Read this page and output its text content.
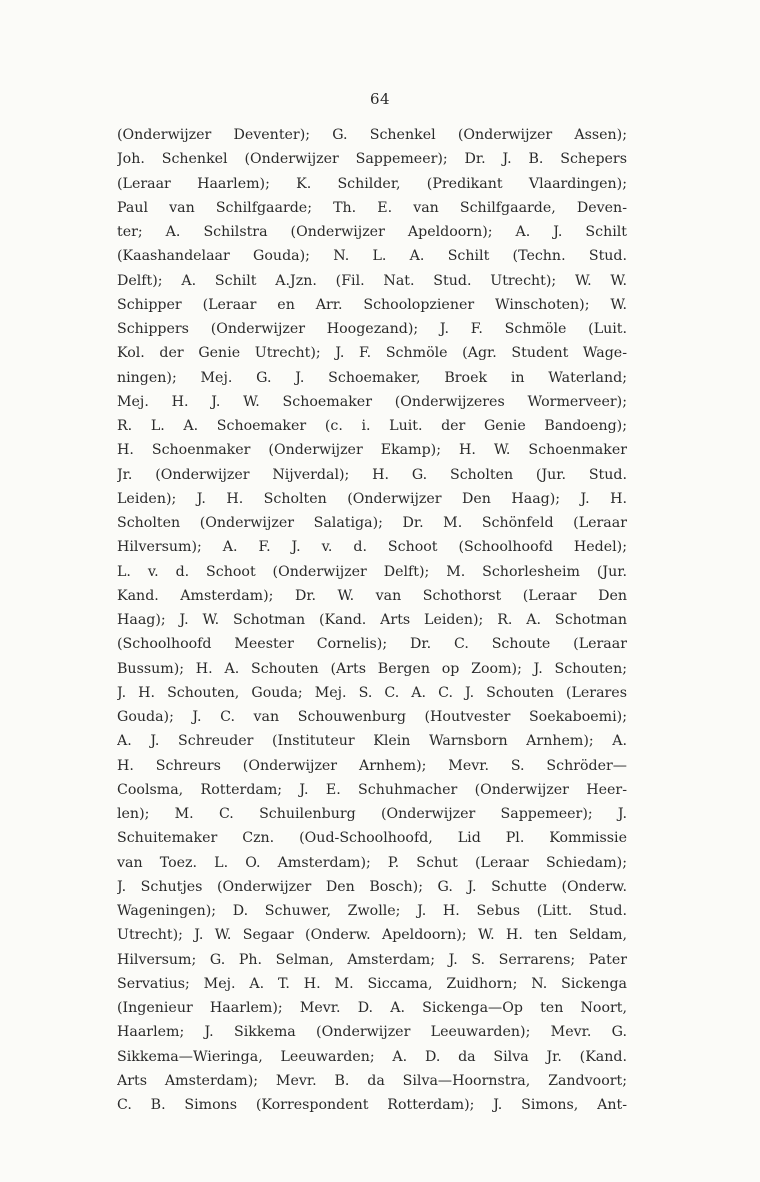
64
(Onderwijzer Deventer); G. Schenkel (Onderwijzer Assen);
Joh. Schenkel (Onderwijzer Sappemeer); Dr. J. B. Schepers
(Leraar Haarlem); K. Schilder, (Predikant Vlaardingen);
Paul van Schilfgaarde; Th. E. van Schilfgaarde, Deven-
ter; A. Schilstra (Onderwijzer Apeldoorn); A. J. Schilt
(Kaashandelaar Gouda); N. L. A. Schilt (Techn. Stud.
Delft); A. Schilt A.Jzn. (Fil. Nat. Stud. Utrecht); W. W.
Schipper (Leraar en Arr. Schoolopziener Winschoten); W.
Schippers (Onderwijzer Hoogezand); J. F. Schmöle (Luit.
Kol. der Genie Utrecht); J. F. Schmöle (Agr. Student Wage-
ningen); Mej. G. J. Schoemaker, Broek in Waterland;
Mej. H. J. W. Schoemaker (Onderwijzeres Wormerveer);
R. L. A. Schoemaker (c. i. Luit. der Genie Bandoeng);
H. Schoenmaker (Onderwijzer Ekamp); H. W. Schoenmaker
Jr. (Onderwijzer Nijverdal); H. G. Scholten (Jur. Stud.
Leiden); J. H. Scholten (Onderwijzer Den Haag); J. H.
Scholten (Onderwijzer Salatiga); Dr. M. Schönfeld (Leraar
Hilversum); A. F. J. v. d. Schoot (Schoolhoofd Hedel);
L. v. d. Schoot (Onderwijzer Delft); M. Schorlesheim (Jur.
Kand. Amsterdam); Dr. W. van Schothorst (Leraar Den
Haag); J. W. Schotman (Kand. Arts Leiden); R. A. Schotman
(Schoolhoofd Meester Cornelis); Dr. C. Schoute (Leraar
Bussum); H. A. Schouten (Arts Bergen op Zoom); J. Schouten;
J. H. Schouten, Gouda; Mej. S. C. A. C. J. Schouten (Lerares
Gouda); J. C. van Schouwenburg (Houtvester Soekaboemi);
A. J. Schreuder (Instituteur Klein Warnsborn Arnhem); A.
H. Schreurs (Onderwijzer Arnhem); Mevr. S. Schröder—
Coolsma, Rotterdam; J. E. Schuhmacher (Onderwijzer Heer-
len); M. C. Schuilenburg (Onderwijzer Sappemeer); J.
Schuitemaker Czn. (Oud-Schoolhoofd, Lid Pl. Kommissie
van Toez. L. O. Amsterdam); P. Schut (Leraar Schiedam);
J. Schutjes (Onderwijzer Den Bosch); G. J. Schutte (Onderw.
Wageningen); D. Schuwer, Zwolle; J. H. Sebus (Litt. Stud.
Utrecht); J. W. Segaar (Onderw. Apeldoorn); W. H. ten Seldam,
Hilversum; G. Ph. Selman, Amsterdam; J. S. Serrarens; Pater
Servatius; Mej. A. T. H. M. Siccama, Zuidhorn; N. Sickenga
(Ingenieur Haarlem); Mevr. D. A. Sickenga—Op ten Noort,
Haarlem; J. Sikkema (Onderwijzer Leeuwarden); Mevr. G.
Sikkema—Wieringa, Leeuwarden; A. D. da Silva Jr. (Kand.
Arts Amsterdam); Mevr. B. da Silva—Hoornstra, Zandvoort;
C. B. Simons (Korrespondent Rotterdam); J. Simons, Ant-
